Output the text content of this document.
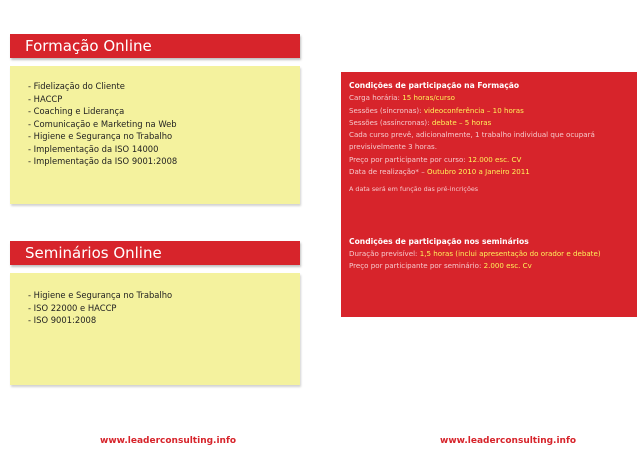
Formação Online
- Fidelização do Cliente
- HACCP
- Coaching e Liderança
- Comunicação e Marketing na Web
- Higiene e Segurança no Trabalho
- Implementação da ISO 14000
- Implementação da ISO 9001:2008
Seminários Online
- Higiene e Segurança no Trabalho
- ISO 22000 e HACCP
- ISO 9001:2008
Condições de participação na Formação
Carga horária: 15 horas/curso
Sessões (síncronas): videoconferência – 10 horas
Sessões (assíncronas): debate – 5 horas
Cada curso prevê, adicionalmente, 1 trabalho individual que ocupará
previsivelmente 3 horas.
Preço por participante por curso: 12.000 esc. CV
Data de realização* – Outubro 2010 a Janeiro 2011
A data será em função das pré-incrições
Condições de participação nos seminários
Duração previsível: 1,5 horas (inclui apresentação do orador e debate)
Preço por participante por seminário: 2.000 esc. Cv
www.leaderconsulting.info	www.leaderconsulting.info
